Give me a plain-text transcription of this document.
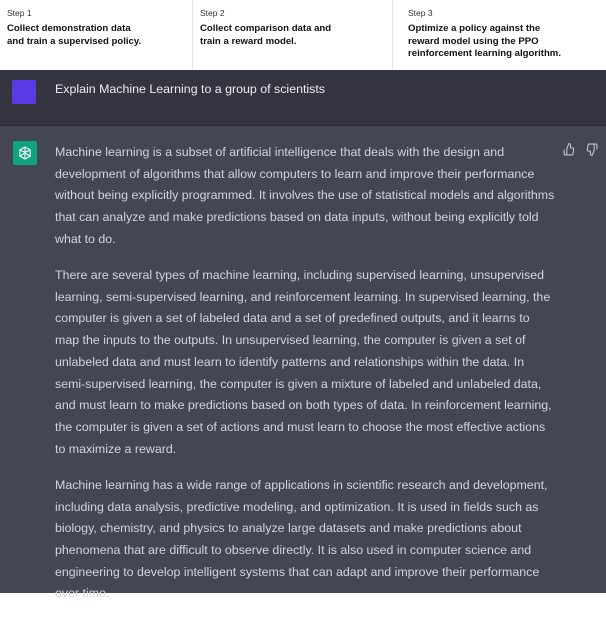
Step 1
Collect demonstration data
and train a supervised policy.
Step 2
Collect comparison data and
train a reward model.
Step 3
Optimize a policy against the
reward model using the PPO
reinforcement learning algorithm.
Explain Machine Learning to a group of scientists

Machine learning is a subset of artificial intelligence that deals with the design and development of algorithms that allow computers to learn and improve their performance without being explicitly programmed. It involves the use of statistical models and algorithms that can analyze and make predictions based on data inputs, without being explicitly told what to do.

There are several types of machine learning, including supervised learning, unsupervised learning, semi-supervised learning, and reinforcement learning. In supervised learning, the computer is given a set of labeled data and a set of predefined outputs, and it learns to map the inputs to the outputs. In unsupervised learning, the computer is given a set of unlabeled data and must learn to identify patterns and relationships within the data. In semi-supervised learning, the computer is given a mixture of labeled and unlabeled data, and must learn to make predictions based on both types of data. In reinforcement learning, the computer is given a set of actions and must learn to choose the most effective actions to maximize a reward.

Machine learning has a wide range of applications in scientific research and development, including data analysis, predictive modeling, and optimization. It is used in fields such as biology, chemistry, and physics to analyze large datasets and make predictions about phenomena that are difficult to observe directly. It is also used in computer science and engineering to develop intelligent systems that can adapt and improve their performance over time.
